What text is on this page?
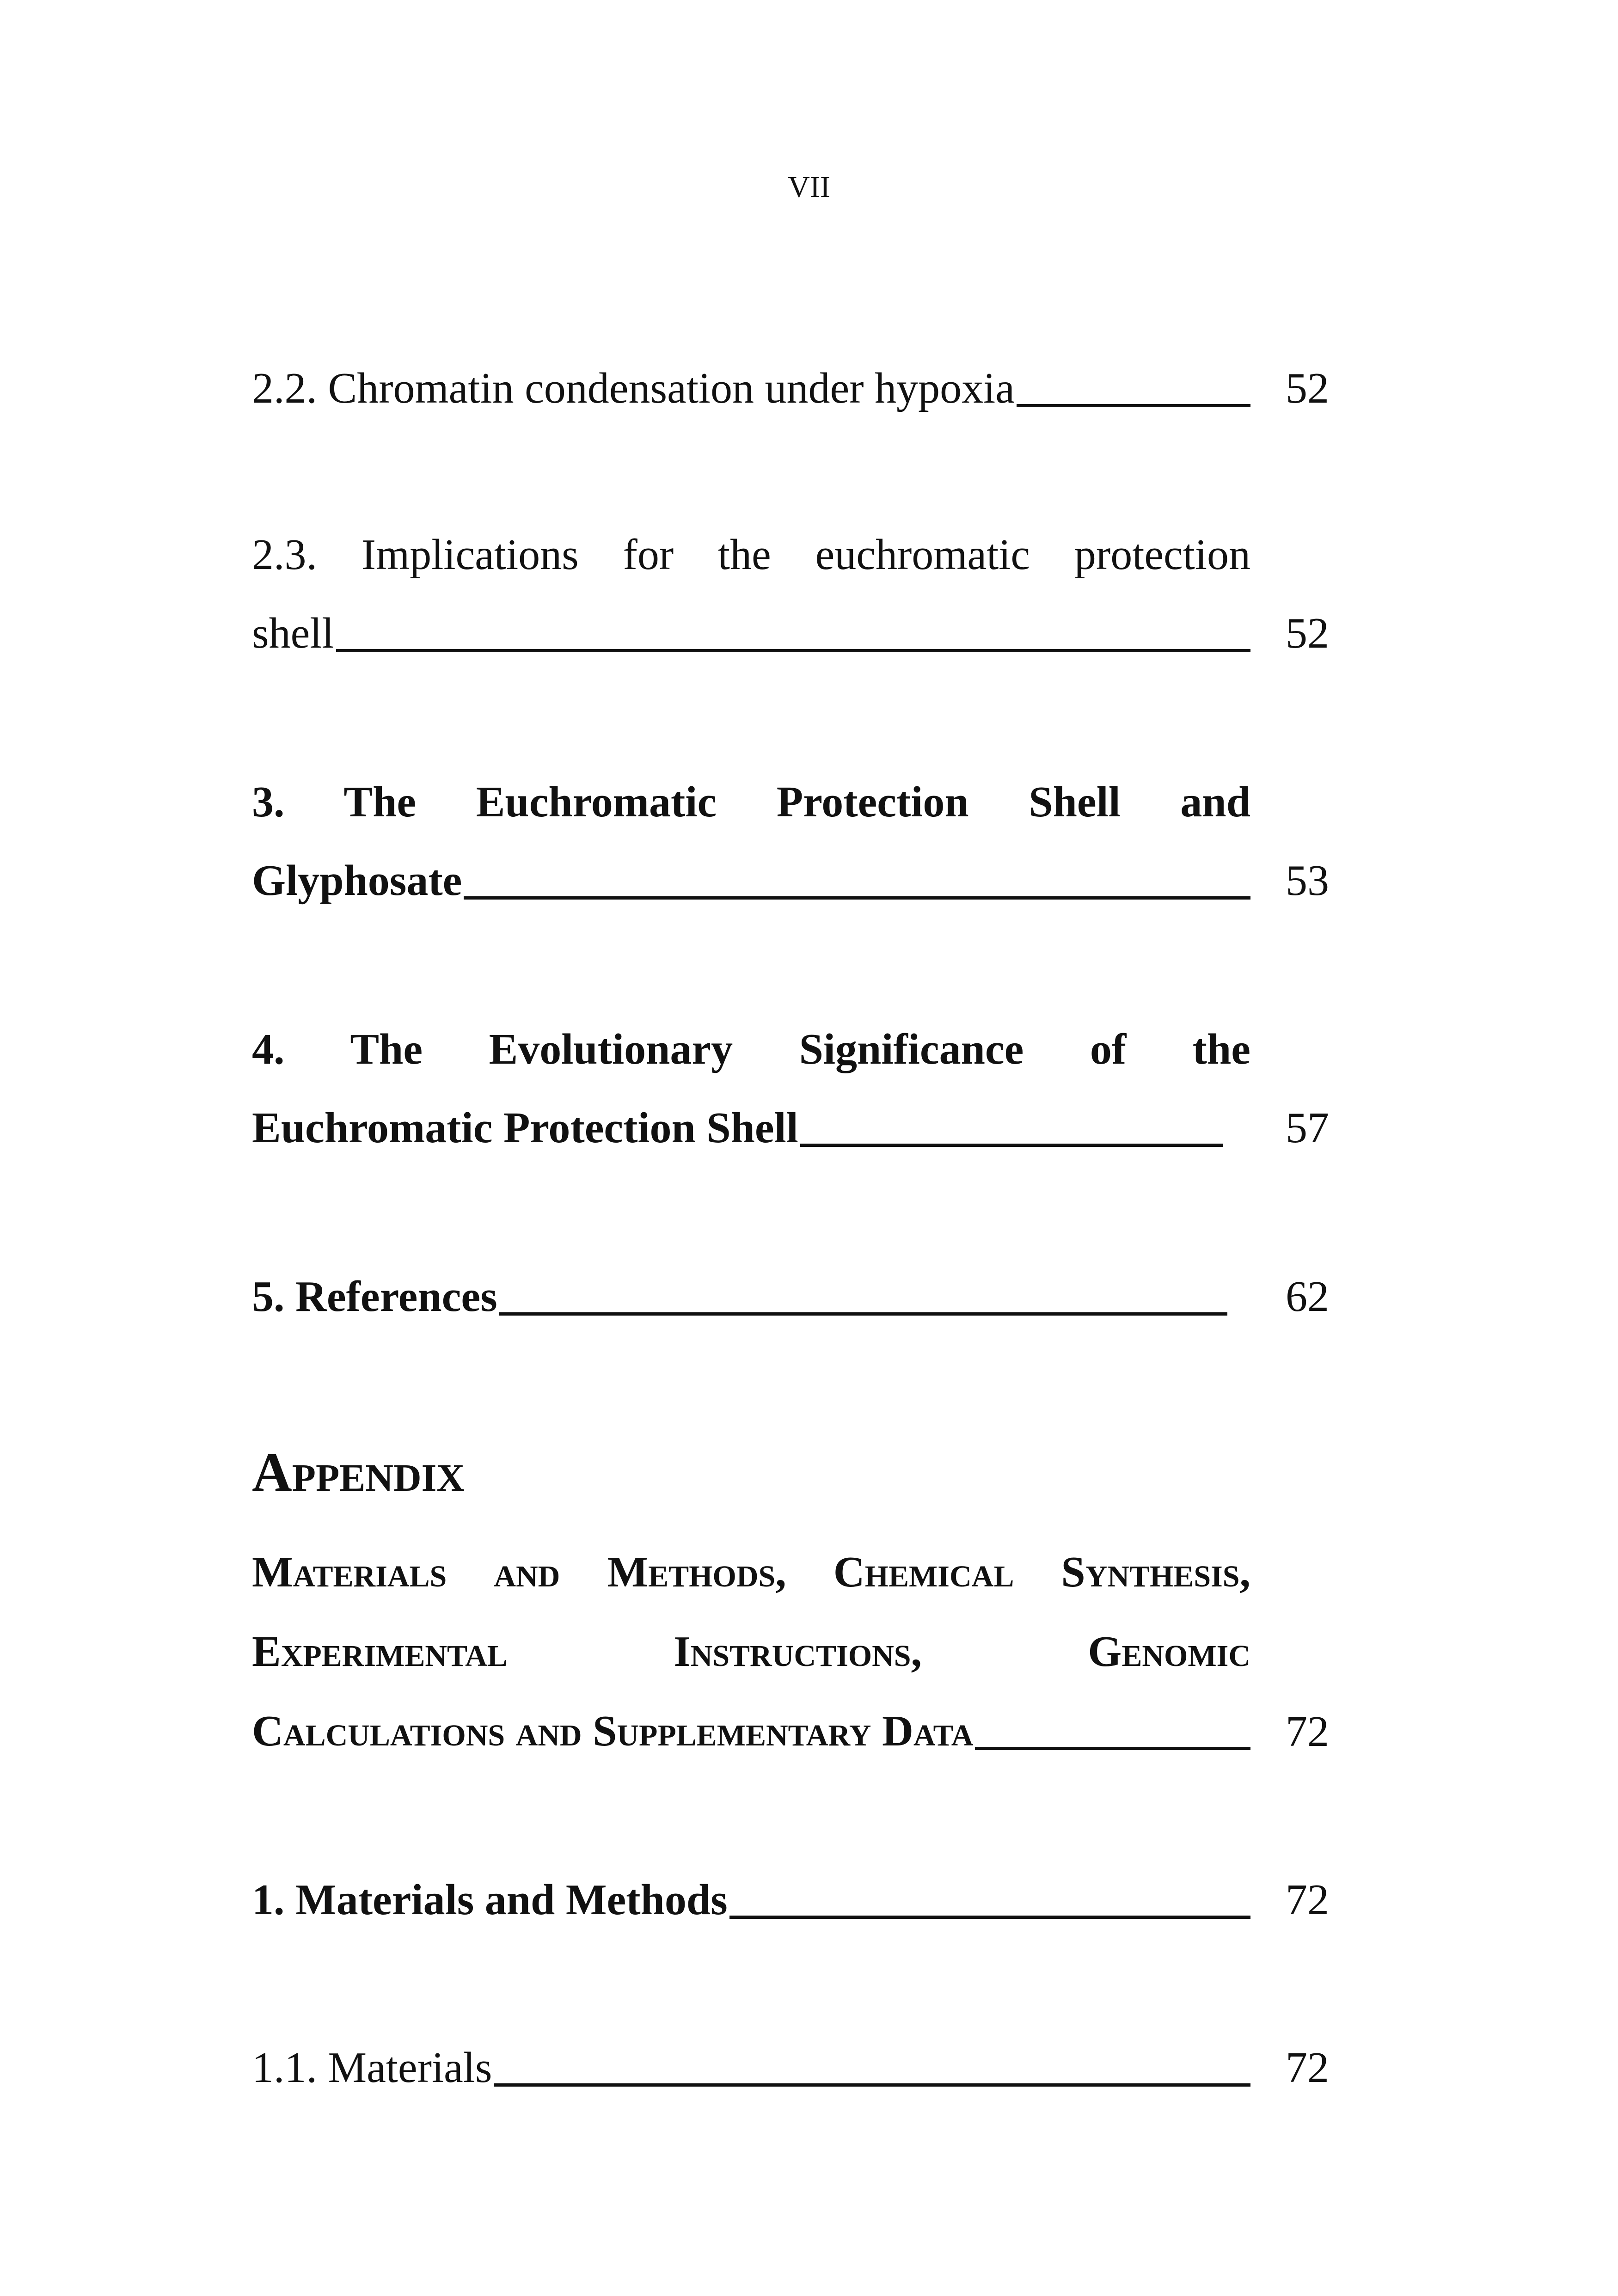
VII
2.2. Chromatin condensation under hypoxia	52
2.3. Implications for the euchromatic protection
shell	52
3. The Euchromatic Protection Shell and
Glyphosate	53
4. The Evolutionary Significance of the
Euchromatic Protection Shell	57
5. References	62
Appendix
Materials and Methods, Chemical Synthesis,
Experimental Instructions, Genomic
Calculations and Supplementary Data	72
1. Materials and Methods	72
1.1. Materials	72
